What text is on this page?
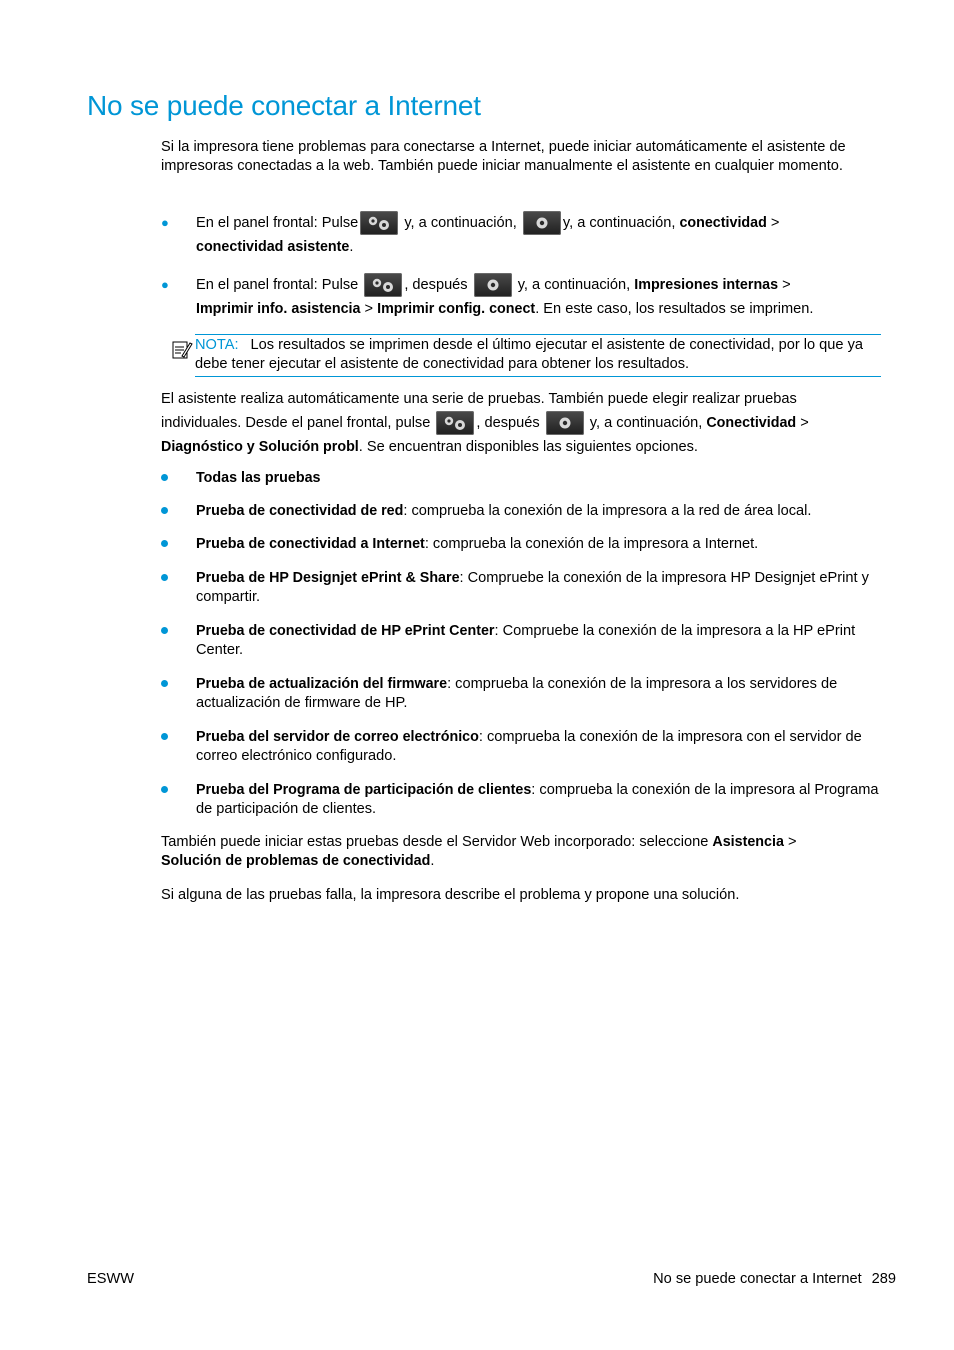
No se puede conectar a Internet
Si la impresora tiene problemas para conectarse a Internet, puede iniciar automáticamente el asistente de impresoras conectadas a la web. También puede iniciar manualmente el asistente en cualquier momento.
● En el panel frontal: Pulse	y, a continuación,	y, a continuación, conectividad >
conectividad asistente.
● En el panel frontal: Pulse	, después	y, a continuación, Impresiones internas >
Imprimir info. asistencia > Imprimir config. conect. En este caso, los resultados se imprimen.
NOTA: Los resultados se imprimen desde el último ejecutar el asistente de conectividad, por lo que ya debe tener ejecutar el asistente de conectividad para obtener los resultados.
El asistente realiza automáticamente una serie de pruebas. También puede elegir realizar pruebas
individuales. Desde el panel frontal, pulse	, después	y, a continuación, Conectividad >
Diagnóstico y Solución probl. Se encuentran disponibles las siguientes opciones.
Todas las pruebas
Prueba de conectividad de red: comprueba la conexión de la impresora a la red de área local.
Prueba de conectividad a Internet: comprueba la conexión de la impresora a Internet.
Prueba de HP Designjet ePrint & Share: Compruebe la conexión de la impresora HP Designjet ePrint y compartir.
Prueba de conectividad de HP ePrint Center: Compruebe la conexión de la impresora a la HP ePrint Center.
Prueba de actualización del firmware: comprueba la conexión de la impresora a los servidores de actualización de firmware de HP.
Prueba del servidor de correo electrónico: comprueba la conexión de la impresora con el servidor de correo electrónico configurado.
Prueba del Programa de participación de clientes: comprueba la conexión de la impresora al Programa de participación de clientes.
También puede iniciar estas pruebas desde el Servidor Web incorporado: seleccione Asistencia >
Solución de problemas de conectividad.
Si alguna de las pruebas falla, la impresora describe el problema y propone una solución.
ESWW	No se puede conectar a Internet 289
